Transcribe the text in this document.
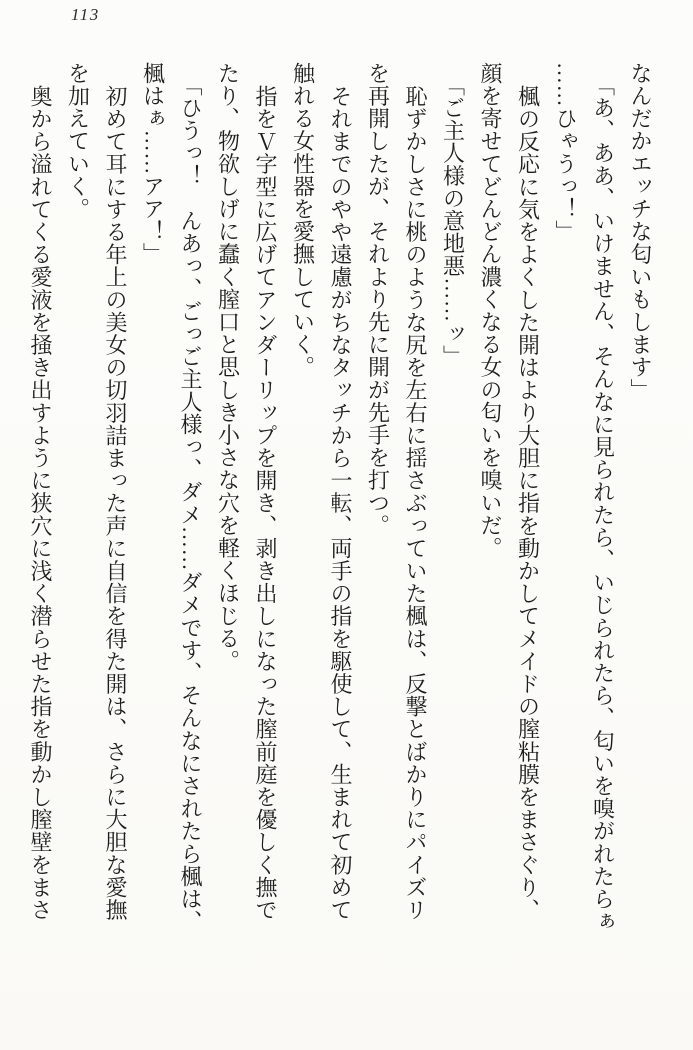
113

なんだかエッチな匂いもします」

「あ、ああ、いけません、そんなに見られたら、いじられたら、匂いを嗅がれたらぁ

……ひゃうっ！」

楓の反応に気をよくした開はより大胆に指を動かしてメイドの膣粘膜をまさぐり、

顔を寄せてどんどん濃くなる女の匂いを嗅いだ。

「ご主人様の意地悪……ッ」

恥ずかしさに桃のような尻を左右に揺さぶっていた楓は、反撃とばかりにパイズリ

を再開したが、それより先に開が先手を打つ。

それまでのやや遠慮がちなタッチから一転、両手の指を駆使して、生まれて初めて

触れる女性器を愛撫していく。

指をＶ字型に広げてアンダーリップを開き、剥き出しになった膣前庭を優しく撫で

たり、物欲しげに蠢く膣口と思しき小さな穴を軽くほじる。

「ひうっ！　んあっ、ごっご主人様っ、ダメ……ダメです、そんなにされたら楓は、

楓はぁ……アア！」

初めて耳にする年上の美女の切羽詰まった声に自信を得た開は、さらに大胆な愛撫

を加えていく。

奥から溢れてくる愛液を掻き出すように狭穴に浅く潜らせた指を動かし膣壁をまさ
